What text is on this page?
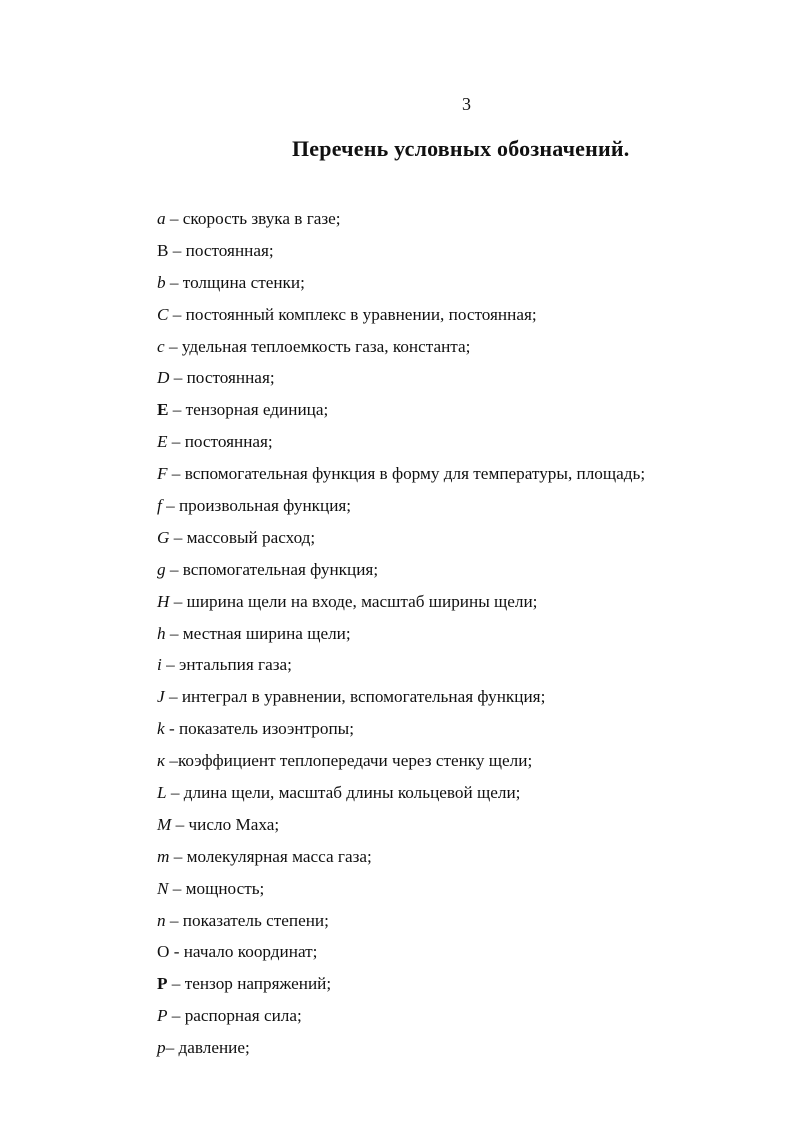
3
Перечень условных обозначений.
a – скорость звука в газе;
B – постоянная;
b – толщина стенки;
C – постоянный комплекс в уравнении, постоянная;
c – удельная теплоемкость газа, константа;
D – постоянная;
E – тензорная единица;
E – постоянная;
F – вспомогательная функция в форму для температуры, площадь;
f – произвольная функция;
G – массовый расход;
g – вспомогательная функция;
H – ширина щели на входе, масштаб ширины щели;
h – местная ширина щели;
i – энтальпия газа;
J – интеграл в уравнении, вспомогательная функция;
k - показатель изоэнтропы;
к –коэффициент теплопередачи через стенку щели;
L – длина щели, масштаб длины кольцевой щели;
M – число Маха;
m – молекулярная масса газа;
N – мощность;
n – показатель степени;
O - начало координат;
P – тензор напряжений;
P – распорная сила;
p– давление;
